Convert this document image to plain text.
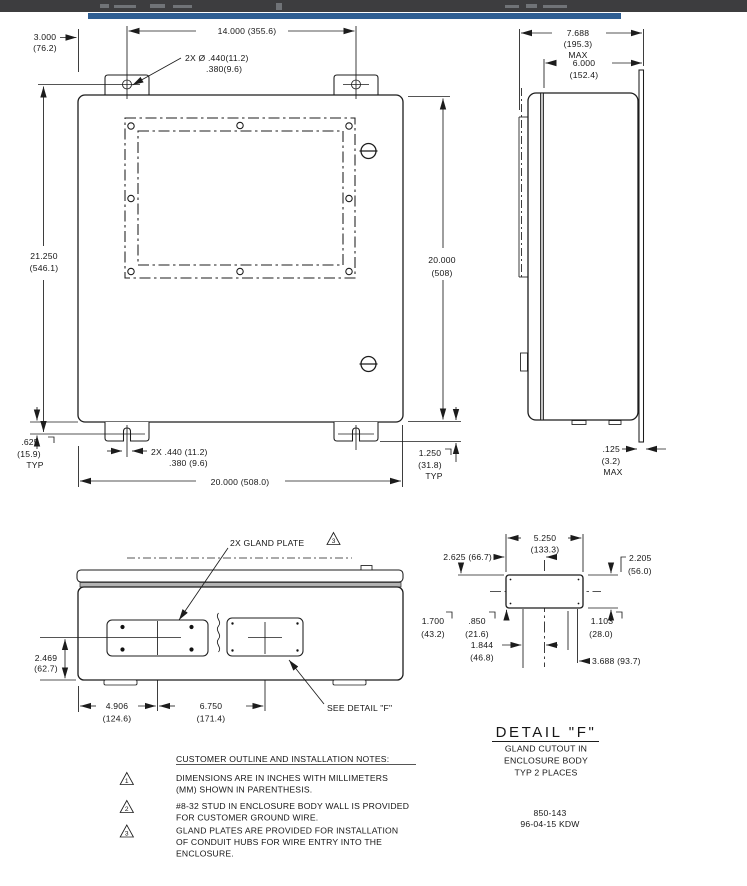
14.000 (355.6)
3.000
(76.2)
2X Ø .440(11.2)
.380(9.6)
21.250
(546.1)
20.000
(508)
.625
(15.9)
TYP
2X .440 (11.2)
.380 (9.6)
20.000 (508.0)
1.250
(31.8)
TYP
7.688
(195.3)
MAX
6.000
(152.4)
.125
(3.2)
MAX
2X GLAND PLATE	3
2.469
(62.7)
4.906
(124.6)
6.750
(171.4)
SEE DETAIL "F"
5.250
(133.3)
2.625 (66.7)	2.205
(56.0)
1.700
(43.2)
.850
(21.6)
1.103
(28.0)
1.844
(46.8)	3.688 (93.7)
DETAIL "F"
GLAND CUTOUT IN
ENCLOSURE BODY
TYP 2 PLACES
CUSTOMER OUTLINE AND INSTALLATION NOTES:
1	DIMENSIONS ARE IN INCHES WITH MILLIMETERS
(MM) SHOWN IN PARENTHESIS.
2	#8-32 STUD IN ENCLOSURE BODY WALL IS PROVIDED
FOR CUSTOMER GROUND WIRE.
3	GLAND PLATES ARE PROVIDED FOR INSTALLATION
OF CONDUIT HUBS FOR WIRE ENTRY INTO THE
ENCLOSURE.
850-143
96-04-15 KDW
